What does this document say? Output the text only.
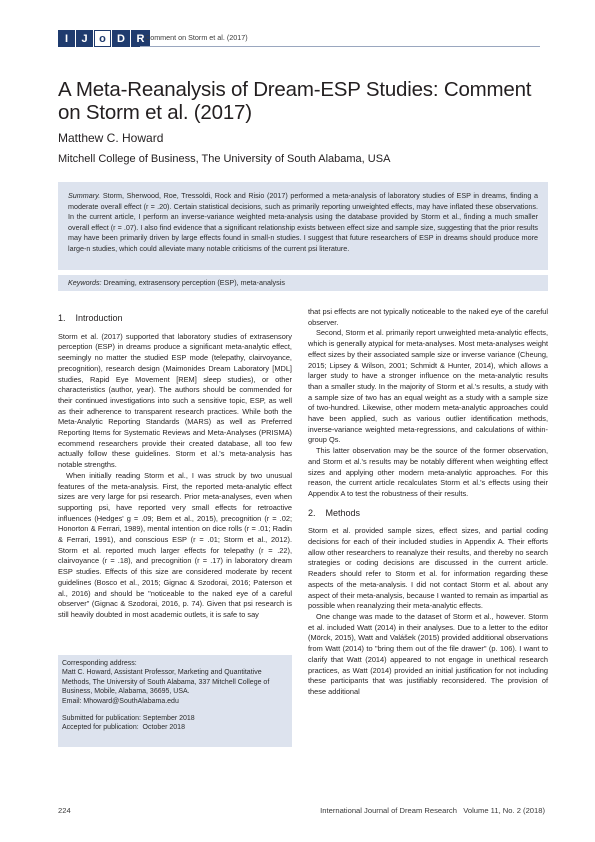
I	J	o	D	R Comment on Storm et al. (2017)
A Meta-Reanalysis of Dream-ESP Studies: Comment on Storm et al. (2017)
Matthew C. Howard
Mitchell College of Business, The University of South Alabama, USA
Summary. Storm, Sherwood, Roe, Tressoldi, Rock and Risio (2017) performed a meta-analysis of laboratory studies of ESP in dreams, finding a moderate overall effect (r = .20). Certain statistical decisions, such as primarily reporting unweighted effects, may have inflated these observations. In the current article, I perform an inverse-variance weighted meta-analysis using the database provided by Storm et al., finding a much smaller overall effect (r = .07). I also find evidence that a significant relationship exists between effect size and sample size, suggesting that the prior results may have been primarily driven by large effects found in small-n studies. I suggest that future researchers of ESP in dreams should produce more large-n studies, which could alleviate many notable criticisms of the current psi literature.
Keywords: Dreaming, extrasensory perception (ESP), meta-analysis
1.    Introduction

Storm et al. (2017) supported that laboratory studies of extrasensory perception (ESP) in dreams produce a significant meta-analytic effect, seemingly no matter the studied ESP mode (telepathy, clairvoyance, precognition), research design (Maimonides Dream Laboratory [MDL] studies, Rapid Eye Movement [REM] sleep studies), or other characteristics (author, year). The authors should be commended for their continued investigations into such a sensitive topic, ESP, as well as their adherence to transparent research practices. While both the Meta-Analytic Reporting Standards (MARS) as well as Preferred Reporting Items for Systematic Reviews and Meta-Analyses (PRISMA) ecommend researchers provide their created database, all too few actually follow these guidelines. Storm et al.'s meta-analysis has notable strengths.

When initially reading Storm et al., I was struck by two unusual features of the meta-analysis. First, the reported meta-analytic effect sizes are very large for psi research. Prior meta-analyses, even when supporting psi, have reported very small effects for retroactive influences (Hedges' g = .09; Bem et al., 2015), precognition (r = .02; Honorton & Ferrari, 1989), mental intention on dice rolls (r = .01; Radin & Ferrari, 1991), and conscious ESP (r = .01; Storm et al., 2012). Storm et al. reported much larger effects for telepathy (r = .22), clairvoyance (r = .18), and precognition (r = .17) in laboratory dream ESP studies. Effects of this size are considered moderate by recent guidelines (Bosco et al., 2015; Gignac & Szodorai, 2016; Paterson et al., 2016) and should be "noticeable to the naked eye of a careful observer" (Gignac & Szodorai, 2016, p. 74). Given that psi research is still heavily doubted in most academic outlets, it is safe to say

Corresponding address:
Matt C. Howard, Assistant Professor, Marketing and Quantitative Methods, The University of South Alabama, 337 Mitchell College of Business, Mobile, Alabama, 36695, USA.
Email: Mhoward@SouthAlabama.edu
Submitted for publication: September 2018
Accepted for publication:  October 2018

that psi effects are not typically noticeable to the naked eye of the careful observer.

Second, Storm et al. primarily report unweighted meta-analytic effects, which is generally atypical for meta-analyses. Most meta-analyses weight effect sizes by their associated sample size or inverse variance (Cheung, 2015; Lipsey & Wilson, 2001; Schmidt & Hunter, 2014), which allows a larger study to have a stronger influence on the meta-analytic results than a smaller study. In the majority of Storm et al.'s results, a study with a sample size of two has an equal weight as a study with a sample size of two-hundred. Likewise, other modern meta-analytic approaches could have been applied, such as various outlier identification methods, inverse-variance weighted meta-regressions, and calculations of within-group Qs.

This latter observation may be the source of the former observation, and Storm et al.'s results may be notably different when weighting effect sizes and applying other modern meta-analytic approaches. For this reason, the current article recalculates Storm et al.'s effects using their Appendix A to test the robustness of their results.

2.    Methods

Storm et al. provided sample sizes, effect sizes, and partial coding decisions for each of their included studies in Appendix A. Their efforts allow other researchers to reanalyze their results, and thereby no search strategies or coding decisions are discussed in the current article. Readers should refer to Storm et al. for information regarding these aspects of the meta-analysis. I did not contact Storm et al. about any aspect of their meta-analysis, because I wanted to remain as impartial as possible when reanalyzing their meta-analytic effects.

One change was made to the dataset of Storm et al., however. Storm et al. included Watt (2014) in their analyses. Due to a letter to the editor (Mörck, 2015), Watt and Valášek (2015) provided additional observations from Watt (2014) to "bring them out of the file drawer" (p. 106). I want to clarify that Watt (2014) appeared to not engage in unethical research practices, as Watt (2014) provided an initial justification for not including these participants that was justifiably reconsidered. The provision of these additional

224	International Journal of Dream Research   Volume 11, No. 2 (2018)
